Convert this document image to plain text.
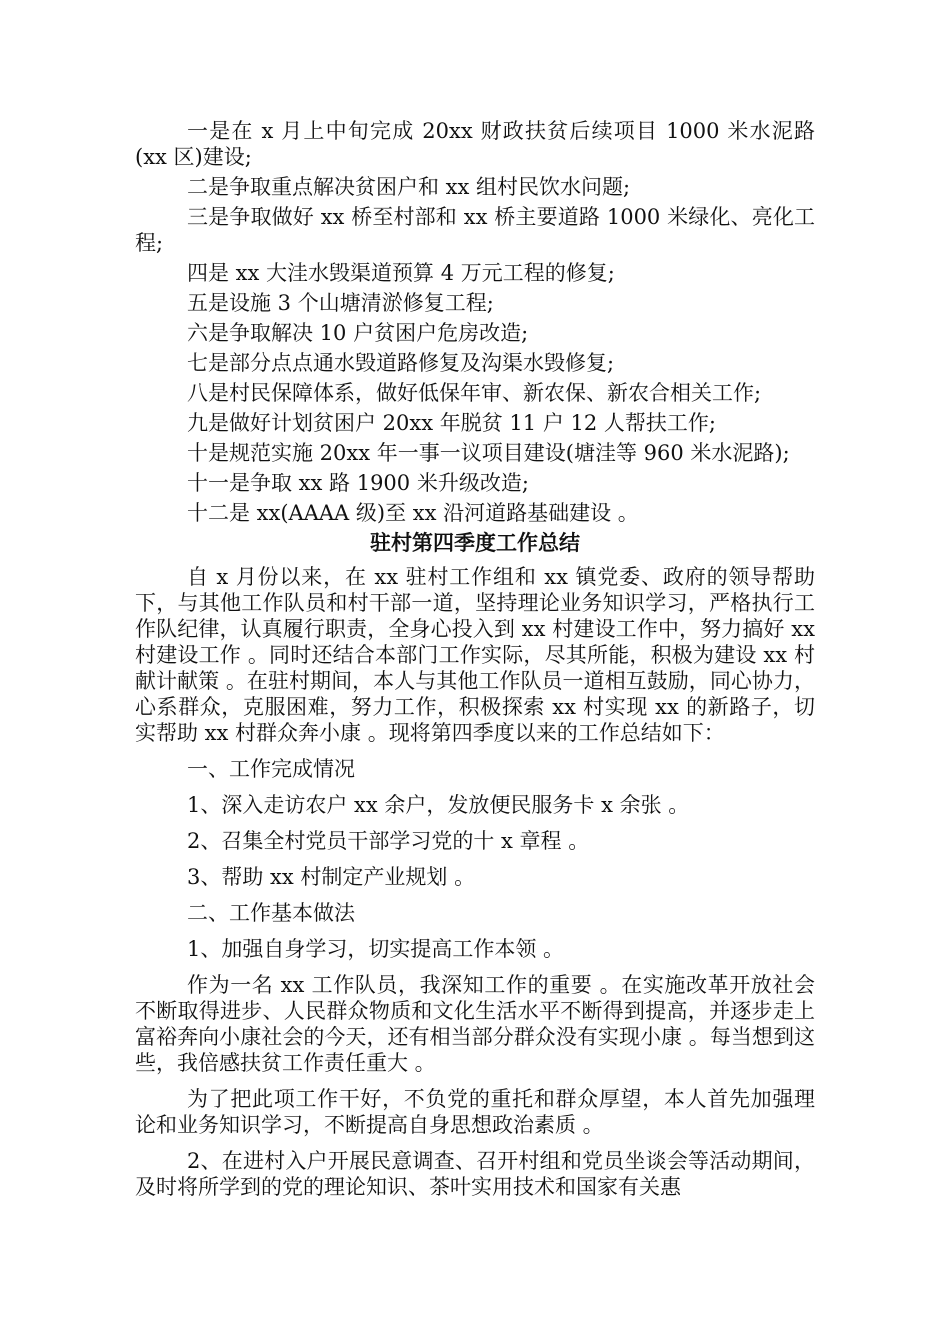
一是在 x 月上中旬完成 20xx 财政扶贫后续项目 1000 米水泥路(xx 区)建设;

二是争取重点解决贫困户和 xx 组村民饮水问题;

三是争取做好 xx 桥至村部和 xx 桥主要道路 1000 米绿化、亮化工程;

四是 xx 大洼水毁渠道预算 4 万元工程的修复;

五是设施 3 个山塘清淤修复工程;

六是争取解决 10 户贫困户危房改造;

七是部分点点通水毁道路修复及沟渠水毁修复;

八是村民保障体系，做好低保年审、新农保、新农合相关工作;

九是做好计划贫困户 20xx 年脱贫 11 户 12 人帮扶工作;

十是规范实施 20xx 年一事一议项目建设(塘洼等 960 米水泥路);

十一是争取 xx 路 1900 米升级改造;

十二是 xx(AAAA 级)至 xx 沿河道路基础建设 。

驻村第四季度工作总结

自 x 月份以来，在 xx 驻村工作组和 xx 镇党委、政府的领导帮助下，与其他工作队员和村干部一道，坚持理论业务知识学习，严格执行工作队纪律，认真履行职责，全身心投入到 xx 村建设工作中，努力搞好 xx 村建设工作 。同时还结合本部门工作实际，尽其所能，积极为建设 xx 村献计献策 。在驻村期间，本人与其他工作队员一道相互鼓励，同心协力，心系群众，克服困难，努力工作，积极探索 xx 村实现 xx 的新路子，切实帮助 xx 村群众奔小康 。现将第四季度以来的工作总结如下：

一、工作完成情况

1、深入走访农户 xx 余户，发放便民服务卡 x 余张 。

2、召集全村党员干部学习党的十 x 章程 。

3、帮助 xx 村制定产业规划 。

二、工作基本做法

1、加强自身学习，切实提高工作本领 。

作为一名 xx 工作队员，我深知工作的重要 。在实施改革开放社会不断取得进步、人民群众物质和文化生活水平不断得到提高，并逐步走上富裕奔向小康社会的今天，还有相当部分群众没有实现小康 。每当想到这些，我倍感扶贫工作责任重大 。

为了把此项工作干好，不负党的重托和群众厚望，本人首先加强理论和业务知识学习，不断提高自身思想政治素质 。

2、在进村入户开展民意调查、召开村组和党员坐谈会等活动期间，及时将所学到的党的理论知识、茶叶实用技术和国家有关惠
